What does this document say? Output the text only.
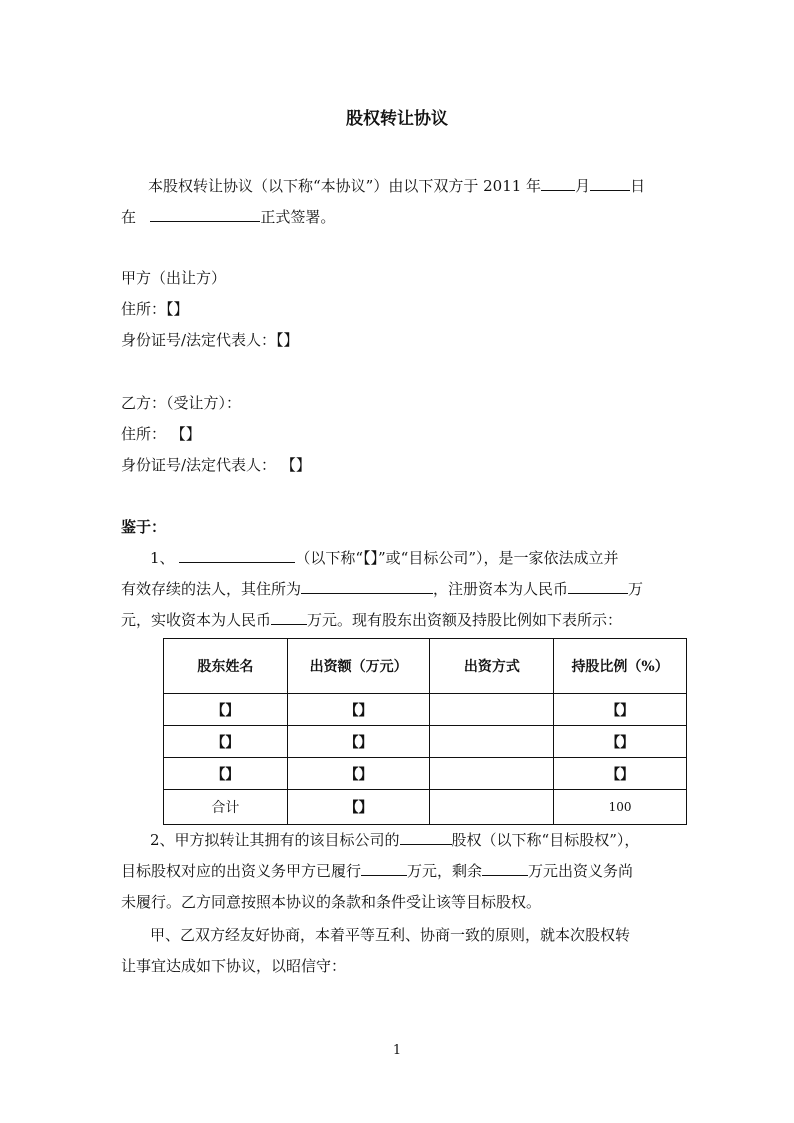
股权转让协议
本股权转让协议（以下称“本协议”）由以下双方于 2011 年 月	日
在	正式签署。
甲方（出让方）
住所：【】
身份证号/法定代表人：【】
乙方：（受让方）：
住所： 【】
身份证号/法定代表人： 【】
鉴于：
1、	（以下称“【】”或“目标公司”），是一家依法成立并
有效存续的法人，其住所为	，注册资本为人民币	万
元，实收资本为人民币 万元。现有股东出资额及持股比例如下表所示：
股东姓名	出资额（万元）	出资方式	持股比例（%）
【】	【】		【】
【】	【】		【】
【】	【】		【】
合计	【】		100
2、甲方拟转让其拥有的该目标公司的	股权（以下称“目标股权”），
目标股权对应的出资义务甲方已履行	万元，剩余	万元出资义务尚
未履行。乙方同意按照本协议的条款和条件受让该等目标股权。
甲、乙双方经友好协商，本着平等互利、协商一致的原则，就本次股权转
让事宜达成如下协议，以昭信守：
1
